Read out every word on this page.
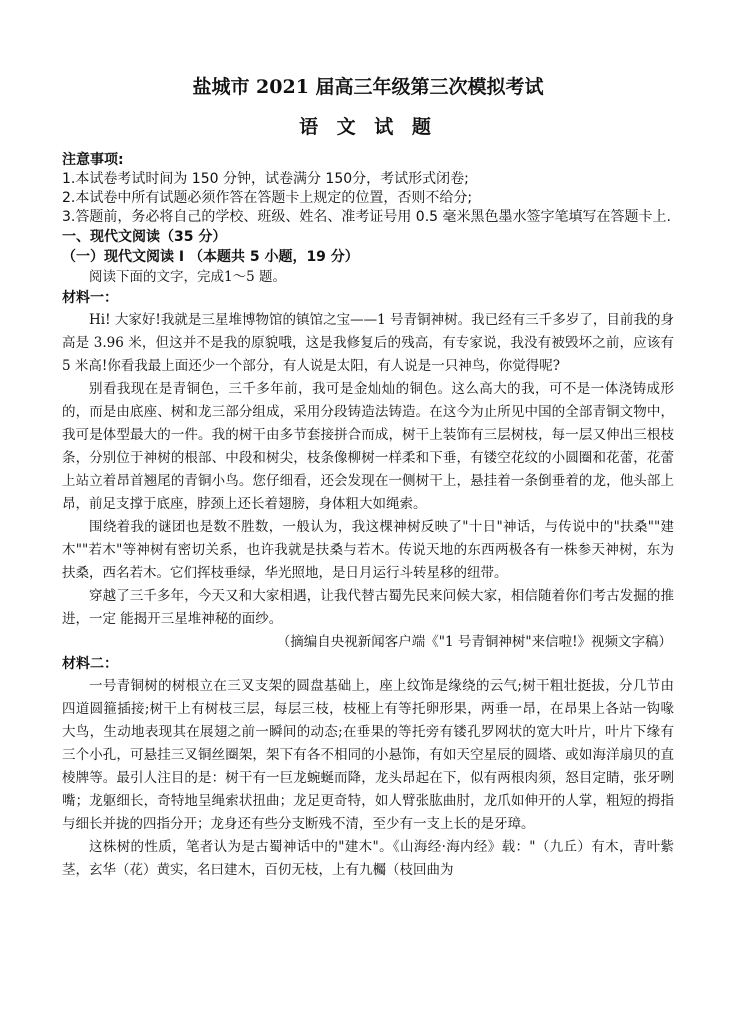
盐城市 2021 届高三年级第三次模拟考试
语 文 试 题
注意事项:

1.本试卷考试时间为 150 分钟，试卷满分 150分，考试形式闭卷;

2.本试卷中所有试题必须作答在答题卡上规定的位置，否则不给分;

3.答题前，务必将自己的学校、班级、姓名、准考证号用 0.5 毫米黑色墨水签字笔填写在答题卡上.

一、现代文阅读（35 分）
（一）现代文阅读 Ⅰ （本题共 5 小题，19 分）

阅读下面的文字，完成1～5 题。

材料一：

Hi! 大家好!我就是三星堆博物馆的镇馆之宝——1 号青铜神树。我已经有三千多岁了，目前我的身高是 3.96 米，但这并不是我的原貌哦，这是我修复后的残高，有专家说，我没有被毁坏之前，应该有 5 米高!你看我最上面还少一个部分，有人说是太阳，有人说是一只神鸟，你觉得呢?

别看我现在是青铜色，三千多年前，我可是金灿灿的铜色。这么高大的我，可不是一体浇铸成形的，而是由底座、树和龙三部分组成，采用分段铸造法铸造。在这今为止所见中国的全部青铜文物中，我可是体型最大的一件。我的树干由多节套接拼合而成，树干上装饰有三层树枝，每一层又伸出三根枝条，分别位于神树的根部、中段和树尖，枝条像柳树一样柔和下垂，有镂空花纹的小圆圈和花蕾，花蕾上站立着昂首翘尾的青铜小鸟。您仔细看，还会发现在一侧树干上，悬挂着一条倒垂着的龙，他头部上昂，前足支撑于底座，脖颈上还长着翅膀，身体粗大如绳索。

围绕着我的谜团也是数不胜数，一般认为，我这棵神树反映了"十日"神话，与传说中的"扶桑""建木""若木"等神树有密切关系，也许我就是扶桑与若木。传说天地的东西两极各有一株参天神树，东为扶桑，西名若木。它们挥枝垂绿，华光照地，是日月运行斗转星移的纽带。

穿越了三千多年，今天又和大家相遇，让我代替古蜀先民来问候大家，相信随着你们考古发掘的推进，一定 能揭开三星堆神秘的面纱。

（摘编自央视新闻客户端《"1 号青铜神树"来信啦!》视频文字稿）

材料二：

一号青铜树的树根立在三叉支架的圆盘基础上，座上纹饰是缘绕的云气;树干粗壮挺拔，分几节由四道圆箍插接;树干上有树枝三层，每层三枝，枝桠上有等托卵形果，两垂一昂，在昂果上各站一钩喙大鸟，生动地表现其在展翅之前一瞬间的动态;在垂果的等托旁有镂孔罗网状的宽大叶片，叶片下缘有三个小孔，可悬挂三叉铜丝圈架，架下有各不相同的小悬饰，有如天空星辰的圆塔、或如海洋扇贝的直棱牌等。最引人注目的是：树干有一巨龙蜿蜒而降，龙头昂起在下，似有两根肉须，怒目定睛，张牙咧嘴；龙躯细长，奇特地呈绳索状扭曲；龙足更奇特，如人臂张肱曲肘，龙爪如伸开的人掌，粗短的拇指与细长并拢的四指分开；龙身还有些分支断残不清，至少有一支上长的是牙璋。

这株树的性质，笔者认为是古蜀神话中的"建木"。《山海经·海内经》载："（九丘）有木，青叶紫茎，玄华（花）黄实，名曰建木，百仞无枝，上有九欘（枝回曲为
